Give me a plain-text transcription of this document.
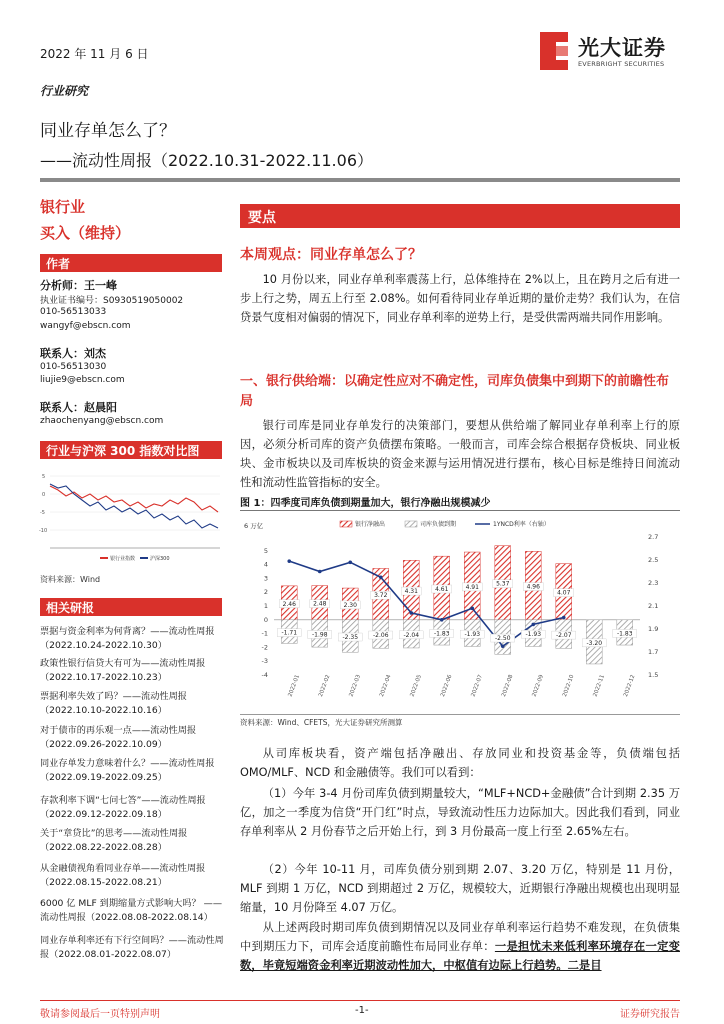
2022 年 11 月 6 日	光大证券
EVERBRIGHT SECURITIES
行业研究
同业存单怎么了？
——流动性周报（2022.10.31-2022.11.06）
银行业
买入（维持）
作者
分析师：王一峰
执业证书编号：S0930519050002
010-56513033
wangyf@ebscn.com
联系人：刘杰
010-56513030
liujie9@ebscn.com
联系人：赵晨阳
zhaochenyang@ebscn.com
行业与沪深 300 指数对比图
5
0
-5
-10
银行业指数	沪深300
资料来源：Wind
相关研报
票据与资金利率为何背离？——流动性周报
（2022.10.24-2022.10.30）
政策性银行信贷大有可为——流动性周报
（2022.10.17-2022.10.23）
票据利率失效了吗？——流动性周报
（2022.10.10-2022.10.16）
对于债市的再乐观一点——流动性周报
（2022.09.26-2022.10.09）
同业存单发力意味着什么？——流动性周报
（2022.09.19-2022.09.25）
存款利率下调“七问七答”——流动性周报
（2022.09.12-2022.09.18）
关于“章贷比”的思考——流动性周报
（2022.08.22-2022.08.28）
从金融债视角看同业存单——流动性周报
（2022.08.15-2022.08.21）
6000 亿 MLF 到期缩量方式影响大吗？ ——流动性周报（2022.08.08-2022.08.14）
同业存单利率还有下行空间吗？——流动性周报（2022.08.01-2022.08.07）
要点
本周观点：同业存单怎么了？
10 月份以来，同业存单利率震荡上行，总体维持在 2%以上，且在跨月之后有进一步上行之势，周五上行至 2.08%。如何看待同业存单近期的量价走势？我们认为，在信贷景气度相对偏弱的情况下，同业存单利率的逆势上行，是受供需两端共同作用影响。
一、银行供给端：以确定性应对不确定性，司库负债集中到期下的前瞻性布局
银行司库是同业存单发行的决策部门，要想从供给端了解同业存单利率上行的原因，必须分析司库的资产负债摆布策略。一般而言，司库会综合根据存贷板块、同业板块、金市板块以及司库板块的资金来源与运用情况进行摆布，核心目标是维持日间流动性和流动性监管指标的安全。
图 1：四季度司库负债到期量加大，银行净融出规模减少
2.46	2.48	2.30
3.72
4.31	4.61	4.91	5.37	4.96
4.07
-1.71 -1.98 -2.35 -2.06 -2.04 -1.83 -1.93
-2.50
-1.93 -2.07
-3.20
-1.83
-4
-3
-2
-1
0
1
2
3
4
5
1.5
1.7
1.9
2.1
2.3
2.5
2.7
2022-01	2022-02	2022-03	2022-04	2022-05	2022-06	2022-07	2022-08	2022-09	2022-10	2022-11	2022-12
银行净融出	司库负债到期	1YNCD利率（右轴）
6 万亿
资料来源：Wind、CFETS，光大证券研究所测算
从司库板块看，资产端包括净融出、存放同业和投资基金等，负债端包括 OMO/MLF、NCD 和金融债等。我们可以看到：
（1）今年 3-4 月份司库负债到期量较大，“MLF+NCD+金融债”合计到期 2.35 万亿，加之一季度为信贷“开门红”时点，导致流动性压力边际加大。因此我们看到，同业存单利率从 2 月份春节之后开始上行，到 3 月份最高一度上行至 2.65%左右。
（2）今年 10-11 月，司库负债分别到期 2.07、3.20 万亿，特别是 11 月份，MLF 到期 1 万亿，NCD 到期超过 2 万亿，规模较大，近期银行净融出规模也出现明显缩量，10 月份降至 4.07 万亿。
从上述两段时期司库负债到期情况以及同业存单利率运行趋势不难发现，在负债集中到期压力下，司库会适度前瞻性布局同业存单：一是担忧未来低利率环境存在一定变数，毕竟短端资金利率近期波动性加大，中枢值有边际上行趋势。二是目
敬请参阅最后一页特别声明	-1-	证券研究报告
